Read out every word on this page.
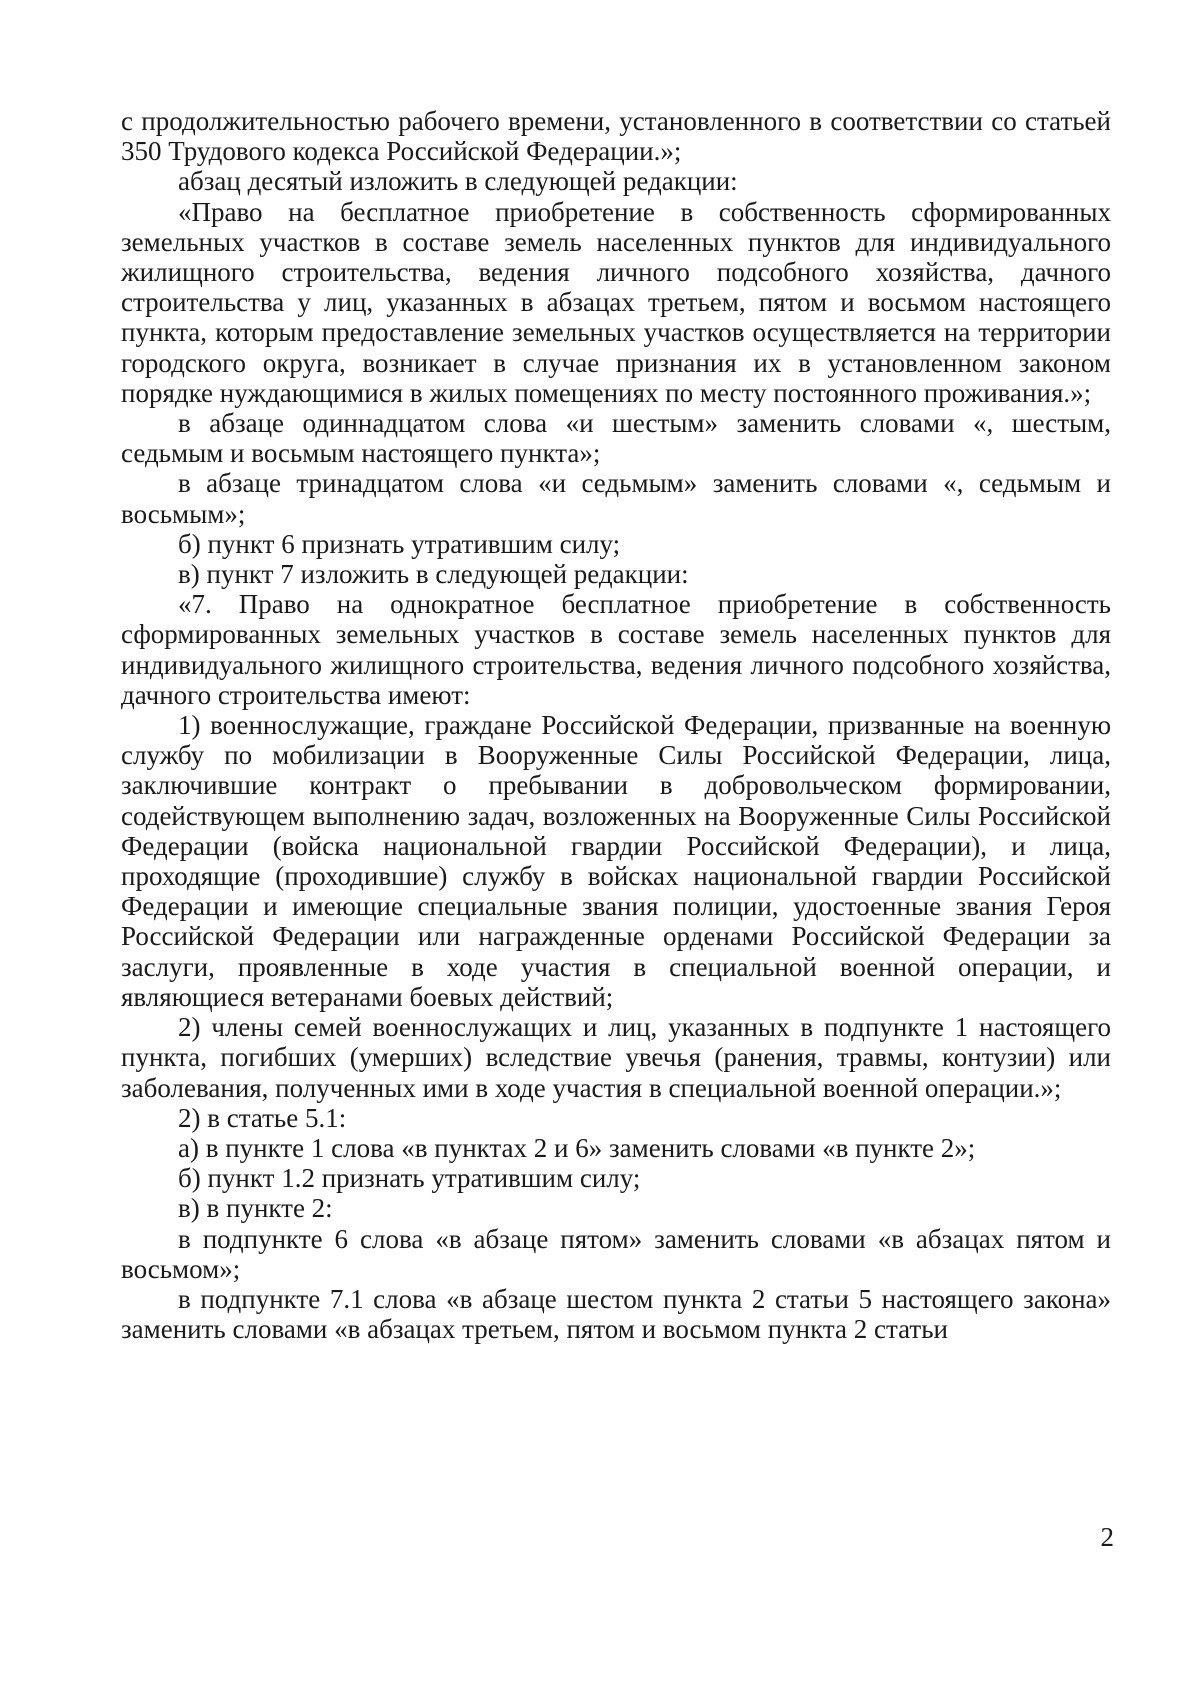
с продолжительностью рабочего времени, установленного в соответствии со статьей 350 Трудового кодекса Российской Федерации.»;

абзац десятый изложить в следующей редакции:

«Право на бесплатное приобретение в собственность сформированных земельных участков в составе земель населенных пунктов для индивидуального жилищного строительства, ведения личного подсобного хозяйства, дачного строительства у лиц, указанных в абзацах третьем, пятом и восьмом настоящего пункта, которым предоставление земельных участков осуществляется на территории городского округа, возникает в случае признания их в установленном законом порядке нуждающимися в жилых помещениях по месту постоянного проживания.»;

в абзаце одиннадцатом слова «и шестым» заменить словами «, шестым, седьмым и восьмым настоящего пункта»;

в абзаце тринадцатом слова «и седьмым» заменить словами «, седьмым и восьмым»;

б) пункт 6 признать утратившим силу;

в) пункт 7 изложить в следующей редакции:

«7. Право на однократное бесплатное приобретение в собственность сформированных земельных участков в составе земель населенных пунктов для индивидуального жилищного строительства, ведения личного подсобного хозяйства, дачного строительства имеют:

1) военнослужащие, граждане Российской Федерации, призванные на военную службу по мобилизации в Вооруженные Силы Российской Федерации, лица, заключившие контракт о пребывании в добровольческом формировании, содействующем выполнению задач, возложенных на Вооруженные Силы Российской Федерации (войска национальной гвардии Российской Федерации), и лица, проходящие (проходившие) службу в войсках национальной гвардии Российской Федерации и имеющие специальные звания полиции, удостоенные звания Героя Российской Федерации или награжденные орденами Российской Федерации за заслуги, проявленные в ходе участия в специальной военной операции, и являющиеся ветеранами боевых действий;

2) члены семей военнослужащих и лиц, указанных в подпункте 1 настоящего пункта, погибших (умерших) вследствие увечья (ранения, травмы, контузии) или заболевания, полученных ими в ходе участия в специальной военной операции.»;

2) в статье 5.1:

а) в пункте 1 слова «в пунктах 2 и 6» заменить словами «в пункте 2»;

б) пункт 1.2 признать утратившим силу;

в) в пункте 2:

в подпункте 6 слова «в абзаце пятом» заменить словами «в абзацах пятом и восьмом»;

в подпункте 7.1 слова «в абзаце шестом пункта 2 статьи 5 настоящего закона» заменить словами «в абзацах третьем, пятом и восьмом пункта 2 статьи

2
